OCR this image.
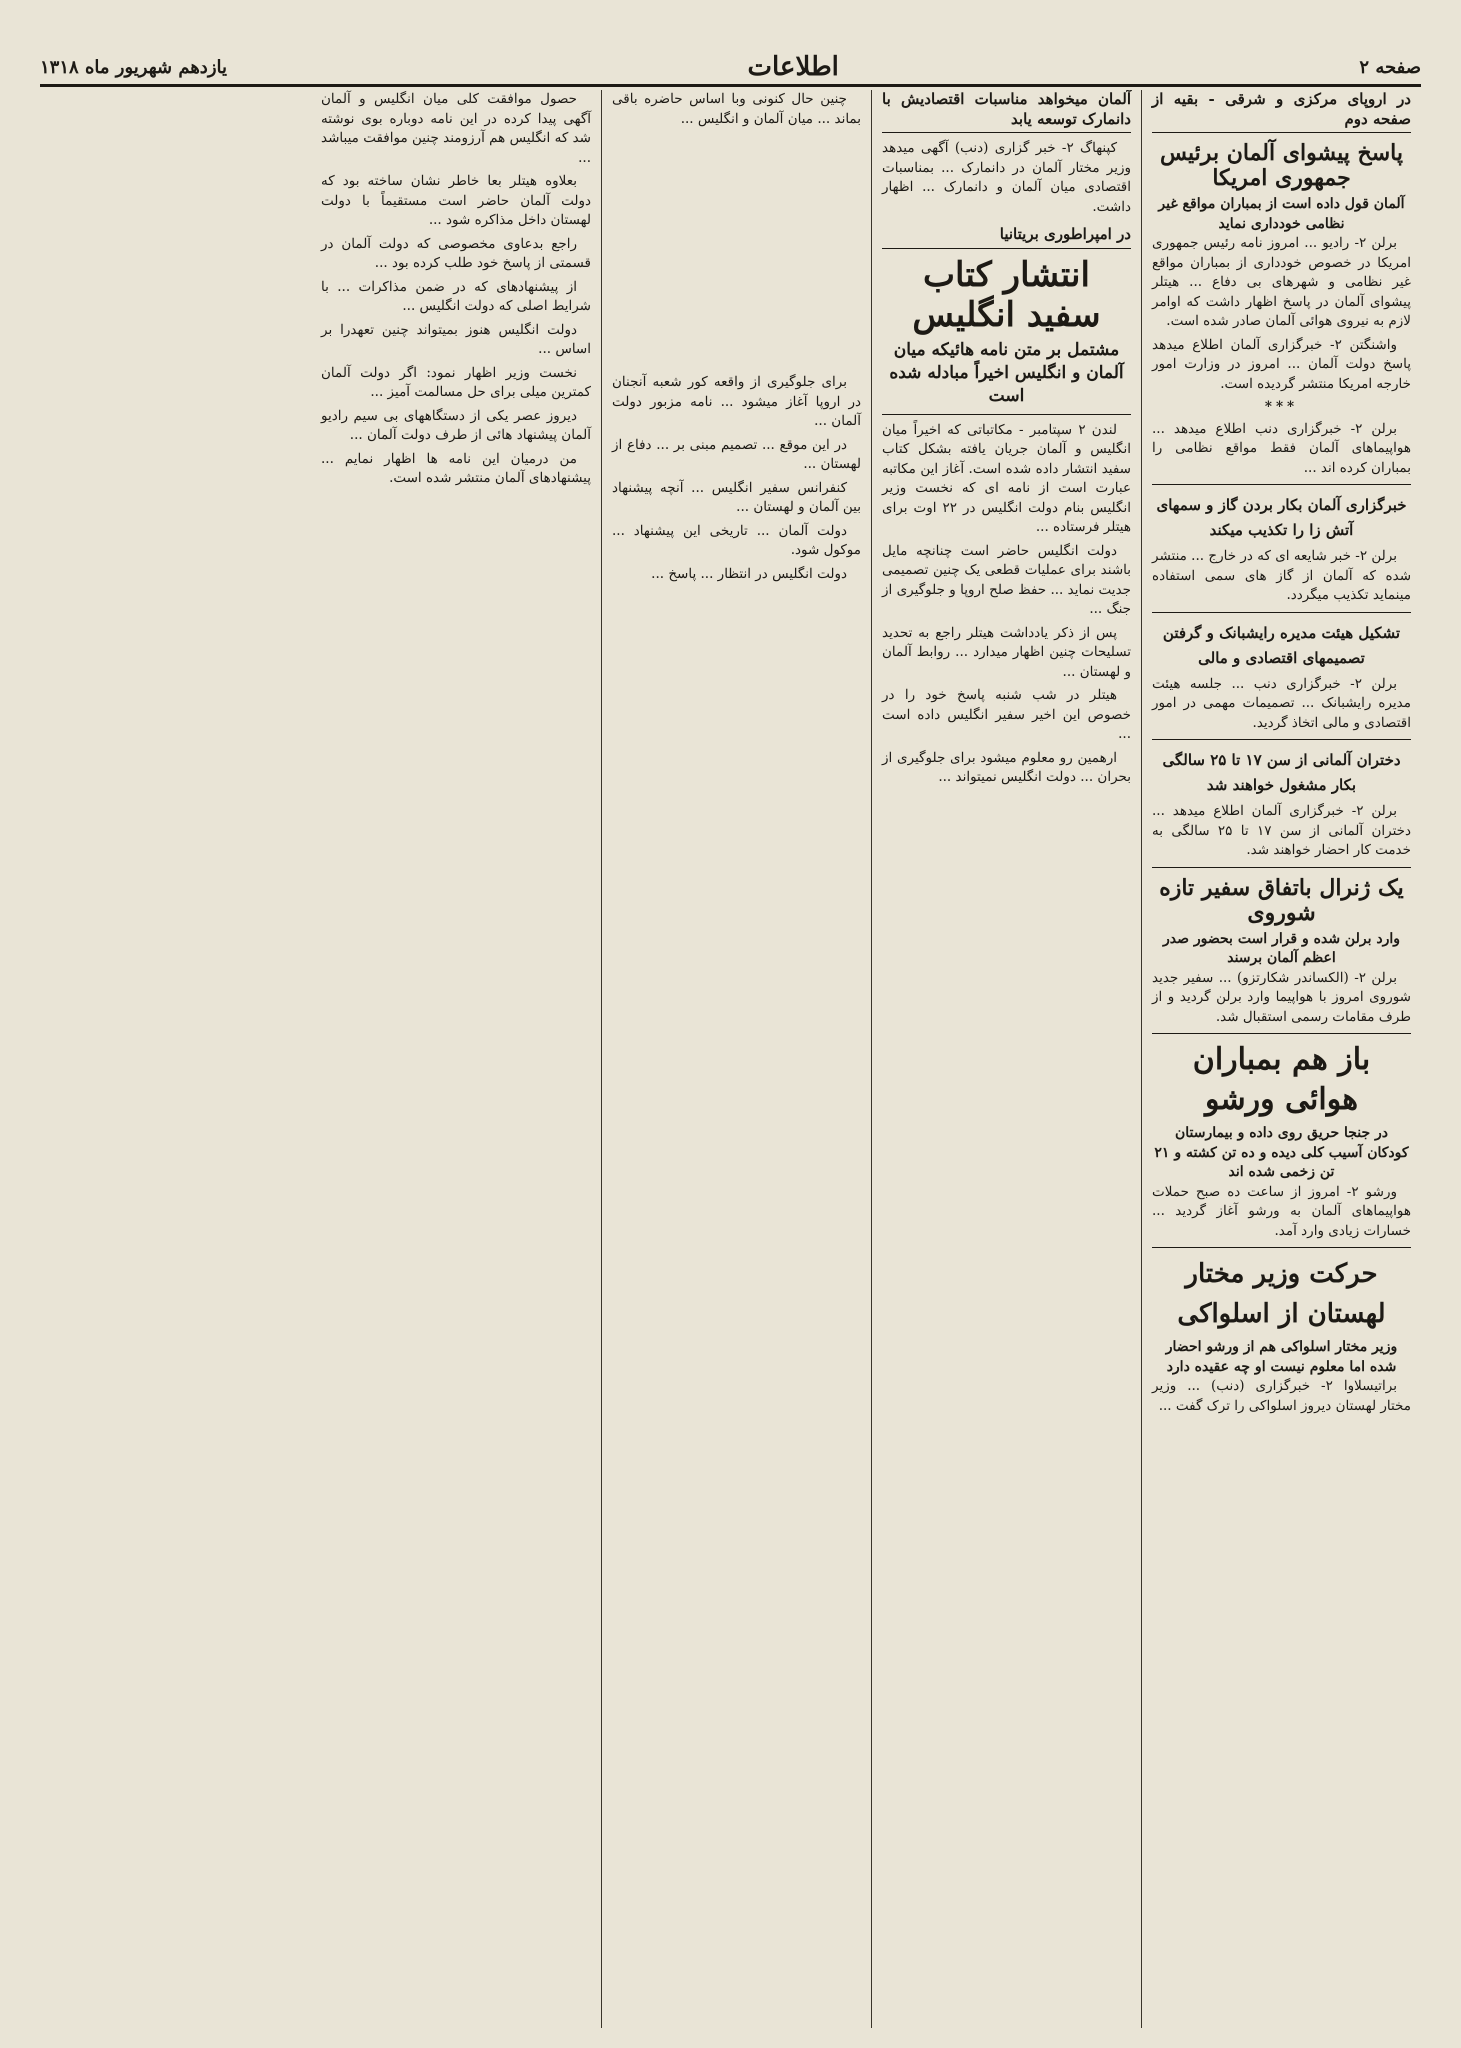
صفحه ۲
اطلاعات
یازدهم شهریور ماه ۱۳۱۸
در اروپای مرکزی و شرقی - بقیه از صفحه دوم
پاسخ پیشوای آلمان برئیس جمهوری امریکا
آلمان قول داده است از بمباران مواقع غیر نظامی خودداری نماید

برلن ۲- رادیو ... امروز نامه رئیس جمهوری امریکا در خصوص خودداری از بمباران مواقع غیر نظامی و شهرهای بی دفاع ... هیتلر پیشوای آلمان در پاسخ اظهار داشت که اوامر لازم به نیروی هوائی آلمان صادر شده است.

واشنگتن ۲- خبرگزاری آلمان اطلاع میدهد پاسخ دولت آلمان ... امروز در وزارت امور خارجه امریکا منتشر گردیده است.

***

برلن ۲- خبرگزاری دنب اطلاع میدهد ... هواپیماهای آلمان فقط مواقع نظامی را بمباران کرده اند ...

خبرگزاری آلمان بکار بردن گاز و سمهای آتش زا را تکذیب میکند

برلن ۲- خبر شایعه ای که در خارج ... منتشر شده که آلمان از گاز های سمی استفاده مینماید تکذیب میگردد.

تشکیل هیئت مدیره رایشبانک و گرفتن تصمیمهای اقتصادی و مالی

برلن ۲- خبرگزاری دنب ... جلسه هیئت مدیره رایشبانک ... تصمیمات مهمی در امور اقتصادی و مالی اتخاذ گردید.

دختران آلمانی از سن ۱۷ تا ۲۵ سالگی بکار مشغول خواهند شد

برلن ۲- خبرگزاری آلمان اطلاع میدهد ... دختران آلمانی از سن ۱۷ تا ۲۵ سالگی به خدمت کار احضار خواهند شد.

یک ژنرال باتفاق سفیر تازه شوروی
وارد برلن شده و قرار است بحضور صدر اعظم آلمان برسند

برلن ۲- (الکساندر شکارتزو) ... سفیر جدید شوروی امروز با هواپیما وارد برلن گردید و از طرف مقامات رسمی استقبال شد.

باز هم بمباران هوائی ورشو
در جنجا حریق روی داده و بیمارستان کودکان آسیب کلی دیده و ده تن کشته و ۲۱ تن زخمی شده اند

ورشو ۲- امروز از ساعت ده صبح حملات هواپیماهای آلمان به ورشو آغاز گردید ... خسارات زیادی وارد آمد.

حرکت وزیر مختار لهستان از اسلواکی
وزیر مختار اسلواکی هم از ورشو احضار شده اما معلوم نیست او چه عقیده دارد

براتیسلاوا ۲- خبرگزاری (دنب) ... وزیر مختار لهستان دیروز اسلواکی را ترک گفت ...

آلمان میخواهد مناسبات اقتصادیش با دانمارک توسعه یابد

کپنهاگ ۲- خبر گزاری (دنب) آگهی میدهد وزیر مختار آلمان در دانمارک ... بمناسبات اقتصادی میان آلمان و دانمارک ... اظهار داشت.

در امپراطوری بریتانیا
انتشار کتاب سفید انگلیس
مشتمل بر متن نامه هائیکه میان آلمان و انگلیس اخیراً مبادله شده است

لندن ۲ سپتامبر - مکاتباتی که اخیراً میان انگلیس و آلمان جریان یافته بشکل کتاب سفید انتشار داده شده است. آغاز این مکاتبه عبارت است از نامه ای که نخست وزیر انگلیس بنام دولت انگلیس در ۲۲ اوت برای هیتلر فرستاده ...

دولت انگلیس حاضر است چنانچه مایل باشند برای عملیات قطعی یک چنین تصمیمی جدیت نماید ... حفظ صلح اروپا و جلوگیری از جنگ ...

پس از ذکر یادداشت هیتلر راجع به تحدید تسلیحات چنین اظهار میدارد ... روابط آلمان و لهستان ...

هیتلر در شب شنبه پاسخ خود را در خصوص این اخیر سفیر انگلیس داده است ...

ارهمین رو معلوم میشود برای جلوگیری از بحران ... دولت انگلیس نمیتواند ...

چنین حال کنونی وبا اساس حاضره باقی بماند ... میان آلمان و انگلیس ...

برای جلوگیری از واقعه کور شعبه آنجنان در اروپا آغاز میشود ... نامه مزبور دولت آلمان ...

در این موقع ... تصمیم مبنی بر ... دفاع از لهستان ...

کنفرانس سفیر انگلیس ... آنچه پیشنهاد بین آلمان و لهستان ...

دولت آلمان ... تاریخی این پیشنهاد ... موکول شود.

دولت انگلیس در انتظار ... پاسخ ...

حصول موافقت کلی میان انگلیس و آلمان آگهی پیدا کرده در این نامه دوباره بوی نوشته شد که انگلیس هم آرزومند چنین موافقت میباشد ...

بعلاوه هیتلر بعا خاطر نشان ساخته بود که دولت آلمان حاضر است مستقیماً با دولت لهستان داخل مذاکره شود ...

راجع بدعاوی مخصوصی که دولت آلمان در قسمتی از پاسخ خود طلب کرده بود ...

از پیشنهادهای که در ضمن مذاکرات ... با شرایط اصلی که دولت انگلیس ...

دولت انگلیس هنوز بمیتواند چنین تعهدرا بر اساس ...

نخست وزیر اظهار نمود: اگر دولت آلمان کمترین میلی برای حل مسالمت آمیز ...

دیروز عصر یکی از دستگاههای بی سیم رادیو آلمان پیشنهاد هائی از طرف دولت آلمان ...

من درمیان این نامه ها اظهار نمایم ... پیشنهادهای آلمان منتشر شده است.
